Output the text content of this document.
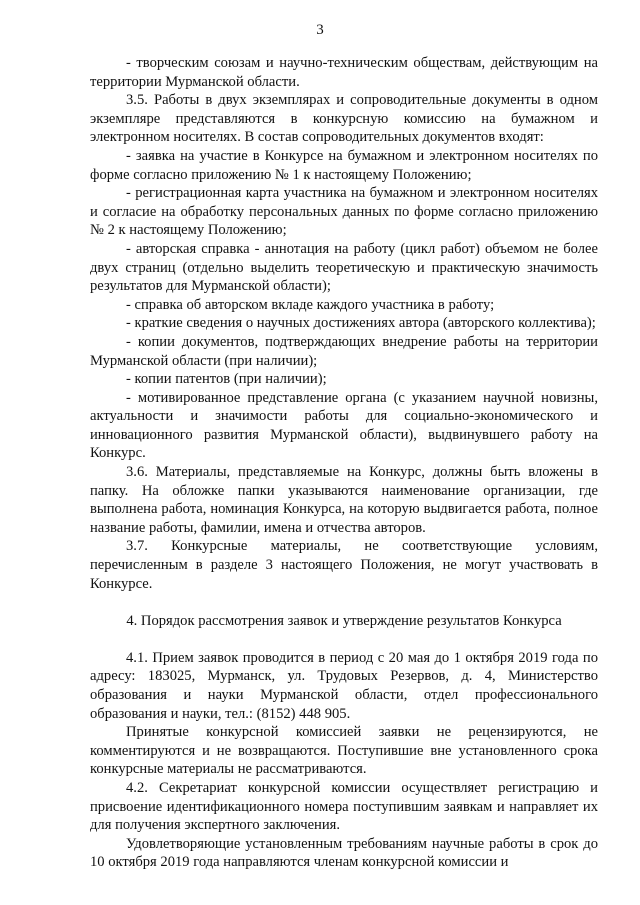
3

- творческим союзам и научно-техническим обществам, действующим на территории Мурманской области.

3.5. Работы в двух экземплярах и сопроводительные документы в одном экземпляре представляются в конкурсную комиссию на бумажном и электронном носителях. В состав сопроводительных документов входят:

- заявка на участие в Конкурсе на бумажном и электронном носителях по форме согласно приложению № 1 к настоящему Положению;

- регистрационная карта участника на бумажном и электронном носителях и согласие на обработку персональных данных по форме согласно приложению № 2 к настоящему Положению;

- авторская справка - аннотация на работу (цикл работ) объемом не более двух страниц (отдельно выделить теоретическую и практическую значимость результатов для Мурманской области);

- справка об авторском вкладе каждого участника в работу;

- краткие сведения о научных достижениях автора (авторского коллектива);

- копии документов, подтверждающих внедрение работы на территории Мурманской области (при наличии);

- копии патентов (при наличии);

- мотивированное представление органа (с указанием научной новизны, актуальности и значимости работы для социально-экономического и инновационного развития Мурманской области), выдвинувшего работу на Конкурс.

3.6. Материалы, представляемые на Конкурс, должны быть вложены в папку. На обложке папки указываются наименование организации, где выполнена работа, номинация Конкурса, на которую выдвигается работа, полное название работы, фамилии, имена и отчества авторов.

3.7. Конкурсные материалы, не соответствующие условиям, перечисленным в разделе 3 настоящего Положения, не могут участвовать в Конкурсе.

4. Порядок рассмотрения заявок и утверждение результатов Конкурса

4.1. Прием заявок проводится в период с 20 мая до 1 октября 2019 года по адресу: 183025, Мурманск, ул. Трудовых Резервов, д. 4, Министерство образования и науки Мурманской области, отдел профессионального образования и науки, тел.: (8152) 448 905.

Принятые конкурсной комиссией заявки не рецензируются, не комментируются и не возвращаются. Поступившие вне установленного срока конкурсные материалы не рассматриваются.

4.2. Секретариат конкурсной комиссии осуществляет регистрацию и присвоение идентификационного номера поступившим заявкам и направляет их для получения экспертного заключения.

Удовлетворяющие установленным требованиям научные работы в срок до 10 октября 2019 года направляются членам конкурсной комиссии и
